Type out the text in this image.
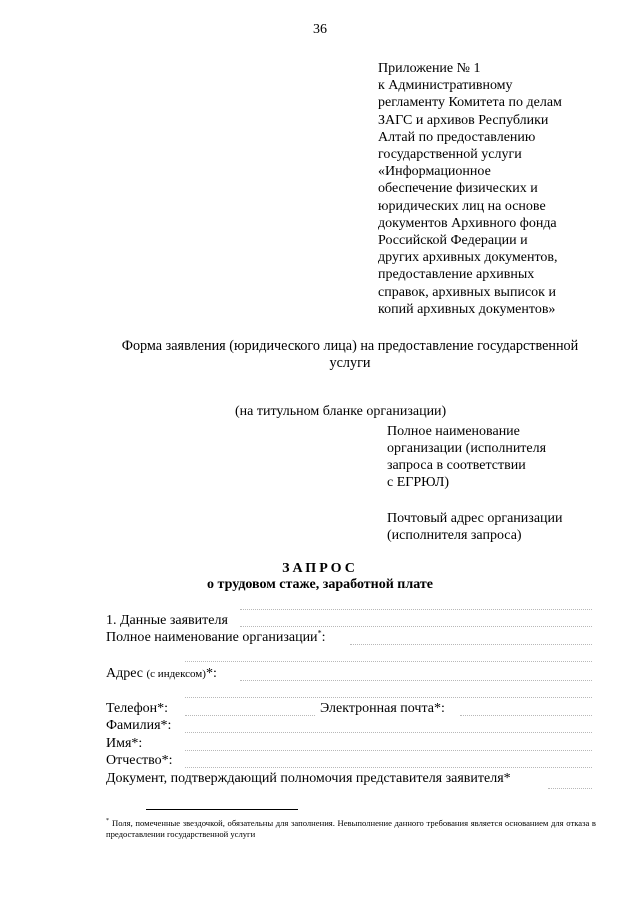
36
Приложение № 1
к Административному
регламенту Комитета по делам
ЗАГС и архивов Республики
Алтай по предоставлению
государственной услуги
«Информационное
обеспечение физических и
юридических лиц на основе
документов Архивного фонда
Российской Федерации и
других архивных документов,
предоставление архивных
справок, архивных выписок и
копий архивных документов»
Форма заявления (юридического лица) на предоставление государственной
услуги
(на титульном бланке организации)
Полное наименование
организации (исполнителя
запроса в соответствии
с ЕГРЮЛ)
Почтовый адрес организации
(исполнителя запроса)
ЗАПРОС
о трудовом стаже, заработной плате
1. Данные заявителя
Полное наименование организации*:
Адрес (с индексом)*:
Телефон*:	Электронная почта*:
Фамилия*:
Имя*:
Отчество*:
Документ, подтверждающий полномочия представителя заявителя*
* Поля, помеченные звездочкой, обязательны для заполнения. Невыполнение данного требования является основанием для отказа в предоставлении государственной услуги
